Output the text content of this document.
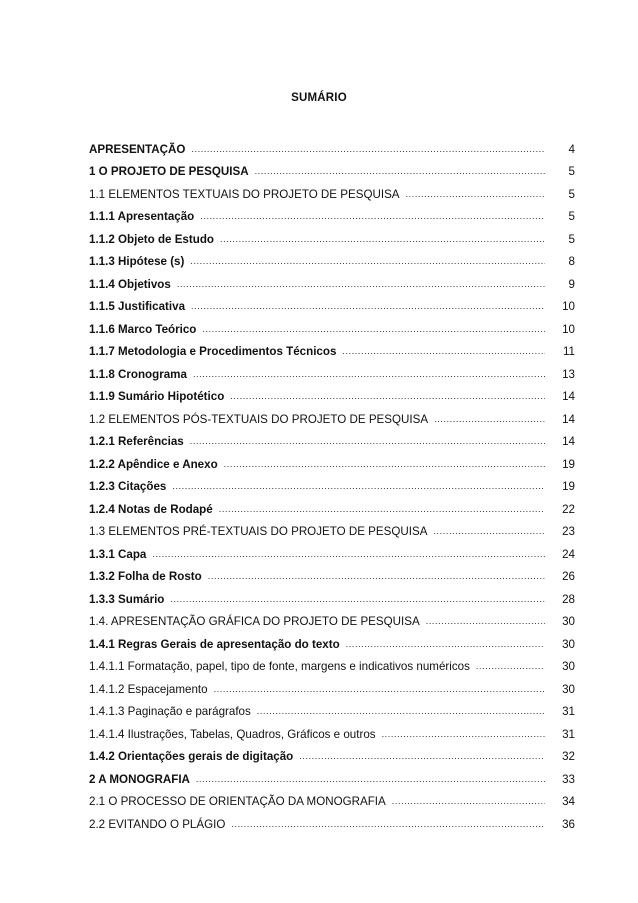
SUMÁRIO
APRESENTAÇÃO .....	4
1 O PROJETO DE PESQUISA .....	5
1.1 ELEMENTOS TEXTUAIS DO PROJETO DE PESQUISA .....	5
1.1.1 Apresentação .....	5
1.1.2 Objeto de Estudo .....	5
1.1.3 Hipótese (s) .....	8
1.1.4 Objetivos .....	9
1.1.5 Justificativa .....	10
1.1.6 Marco Teórico .....	10
1.1.7 Metodologia e Procedimentos Técnicos .....	11
1.1.8 Cronograma .....	13
1.1.9 Sumário Hipotético .....	14
1.2 ELEMENTOS PÓS-TEXTUAIS DO PROJETO DE PESQUISA .....	14
1.2.1 Referências .....	14
1.2.2 Apêndice e Anexo .....	19
1.2.3 Citações .....	19
1.2.4 Notas de Rodapé .....	22
1.3 ELEMENTOS PRÉ-TEXTUAIS DO PROJETO DE PESQUISA .....	23
1.3.1 Capa .....	24
1.3.2 Folha de Rosto .....	26
1.3.3 Sumário .....	28
1.4. APRESENTAÇÃO GRÁFICA DO PROJETO DE PESQUISA .....	30
1.4.1 Regras Gerais de apresentação do texto .....	30
1.4.1.1 Formatação, papel, tipo de fonte, margens e indicativos numéricos .....	30
1.4.1.2 Espacejamento .....	30
1.4.1.3 Paginação e parágrafos .....	31
1.4.1.4 Ilustrações, Tabelas, Quadros, Gráficos e outros .....	31
1.4.2 Orientações gerais de digitação .....	32
2 A MONOGRAFIA .....	33
2.1 O PROCESSO DE ORIENTAÇÃO DA MONOGRAFIA .....	34
2.2 EVITANDO O PLÁGIO .....	36
